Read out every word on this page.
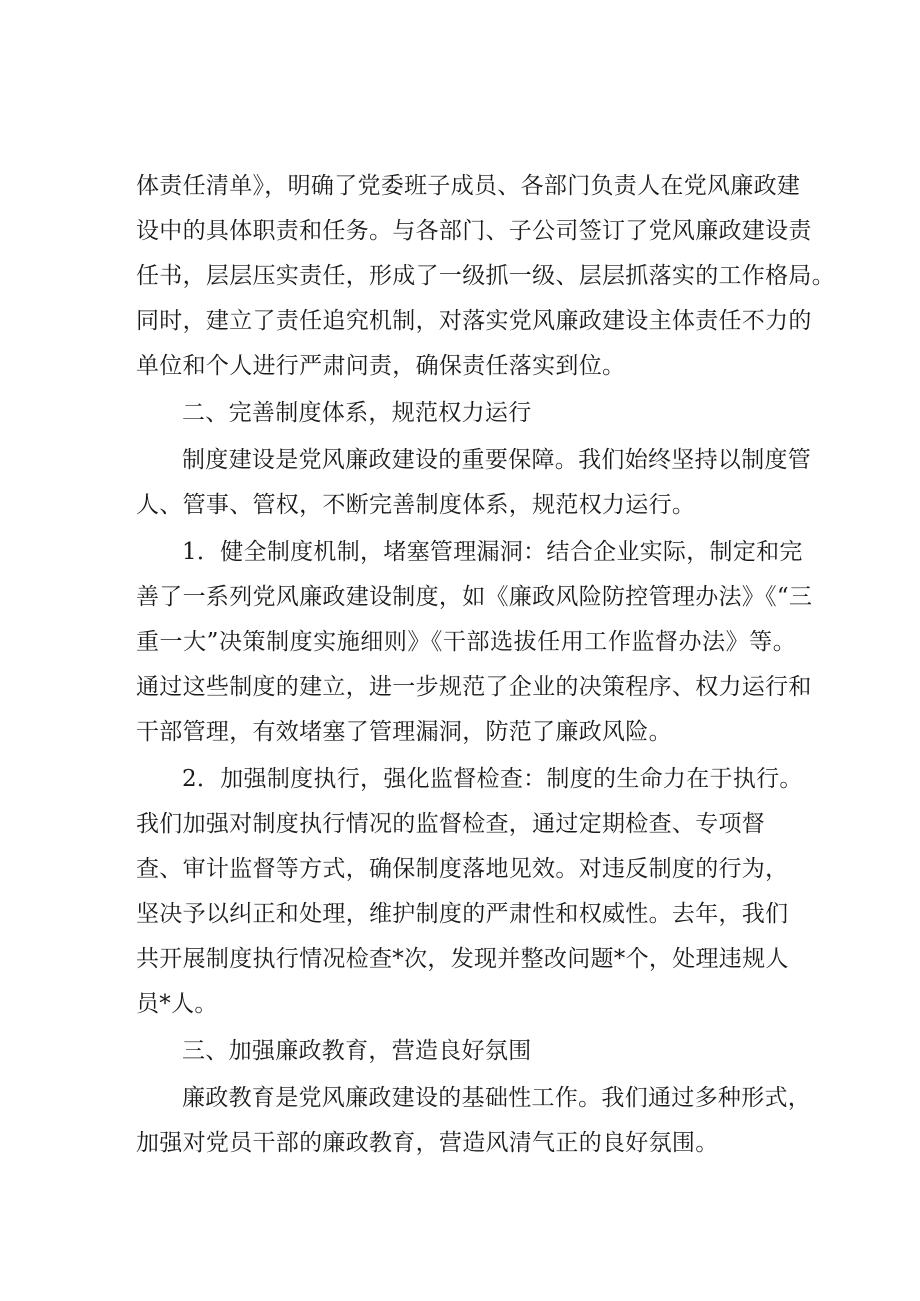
体责任清单》，明确了党委班子成员、各部门负责人在党风廉政建
设中的具体职责和任务。与各部门、子公司签订了党风廉政建设责
任书，层层压实责任，形成了一级抓一级、层层抓落实的工作格局。
同时，建立了责任追究机制，对落实党风廉政建设主体责任不力的
单位和个人进行严肃问责，确保责任落实到位。
二、完善制度体系，规范权力运行
制度建设是党风廉政建设的重要保障。我们始终坚持以制度管
人、管事、管权，不断完善制度体系，规范权力运行。
1．健全制度机制，堵塞管理漏洞：结合企业实际，制定和完
善了一系列党风廉政建设制度，如《廉政风险防控管理办法》《“三
重一大”决策制度实施细则》《干部选拔任用工作监督办法》等。
通过这些制度的建立，进一步规范了企业的决策程序、权力运行和
干部管理，有效堵塞了管理漏洞，防范了廉政风险。
2．加强制度执行，强化监督检查：制度的生命力在于执行。
我们加强对制度执行情况的监督检查，通过定期检查、专项督
查、审计监督等方式，确保制度落地见效。对违反制度的行为，
坚决予以纠正和处理，维护制度的严肃性和权威性。去年，我们
共开展制度执行情况检查*次，发现并整改问题*个，处理违规人
员*人。
三、加强廉政教育，营造良好氛围
廉政教育是党风廉政建设的基础性工作。我们通过多种形式，
加强对党员干部的廉政教育，营造风清气正的良好氛围。
